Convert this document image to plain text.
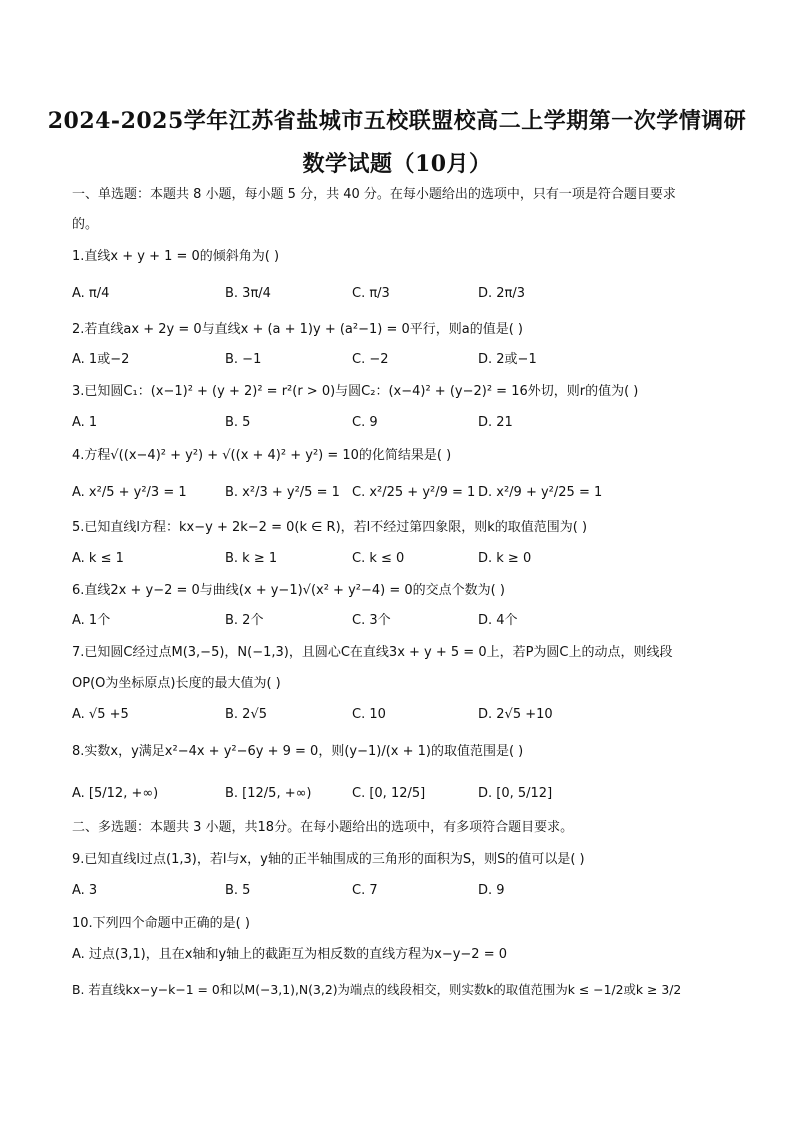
2024-2025学年江苏省盐城市五校联盟校高二上学期第一次学情调研
数学试题（10月）
一、单选题：本题共 8 小题，每小题 5 分，共 40 分。在每小题给出的选项中，只有一项是符合题目要求
的。
1.直线x + y + 1 = 0的倾斜角为( )
A. π/4	B. 3π/4	C. π/3	D. 2π/3
2.若直线ax + 2y = 0与直线x + (a + 1)y + (a²−1) = 0平行，则a的值是( )
A. 1或−2	B. −1	C. −2	D. 2或−1
3.已知圆C₁：(x−1)² + (y + 2)² = r²(r > 0)与圆C₂：(x−4)² + (y−2)² = 16外切，则r的值为( )
A. 1	B. 5	C. 9	D. 21
4.方程√((x−4)² + y²) + √((x + 4)² + y²) = 10的化简结果是( )
A. x²/5 + y²/3 = 1	B. x²/3 + y²/5 = 1 C. x²/25 + y²/9 = 1 D. x²/9 + y²/25 = 1
5.已知直线l方程：kx−y + 2k−2 = 0(k ∈ R)，若l不经过第四象限，则k的取值范围为( )
A. k ≤ 1	B. k ≥ 1	C. k ≤ 0	D. k ≥ 0
6.直线2x + y−2 = 0与曲线(x + y−1)√(x² + y²−4) = 0的交点个数为( )
A. 1个	B. 2个	C. 3个	D. 4个
7.已知圆C经过点M(3,−5)，N(−1,3)，且圆心C在直线3x + y + 5 = 0上，若P为圆C上的动点，则线段
OP(O为坐标原点)长度的最大值为( )
A. √5 +5	B. 2√5	C. 10	D. 2√5 +10
8.实数x，y满足x²−4x + y²−6y + 9 = 0，则(y−1)/(x + 1)的取值范围是( )
A. [5/12, +∞)	B. [12/5, +∞)	C. [0, 12/5]	D. [0, 5/12]
二、多选题：本题共 3 小题，共18分。在每小题给出的选项中，有多项符合题目要求。
9.已知直线l过点(1,3)，若l与x，y轴的正半轴围成的三角形的面积为S，则S的值可以是( )
A. 3	B. 5	C. 7	D. 9
10.下列四个命题中正确的是( )
A. 过点(3,1)，且在x轴和y轴上的截距互为相反数的直线方程为x−y−2 = 0
B. 若直线kx−y−k−1 = 0和以M(−3,1),N(3,2)为端点的线段相交，则实数k的取值范围为k ≤ −1/2或k ≥ 3/2
